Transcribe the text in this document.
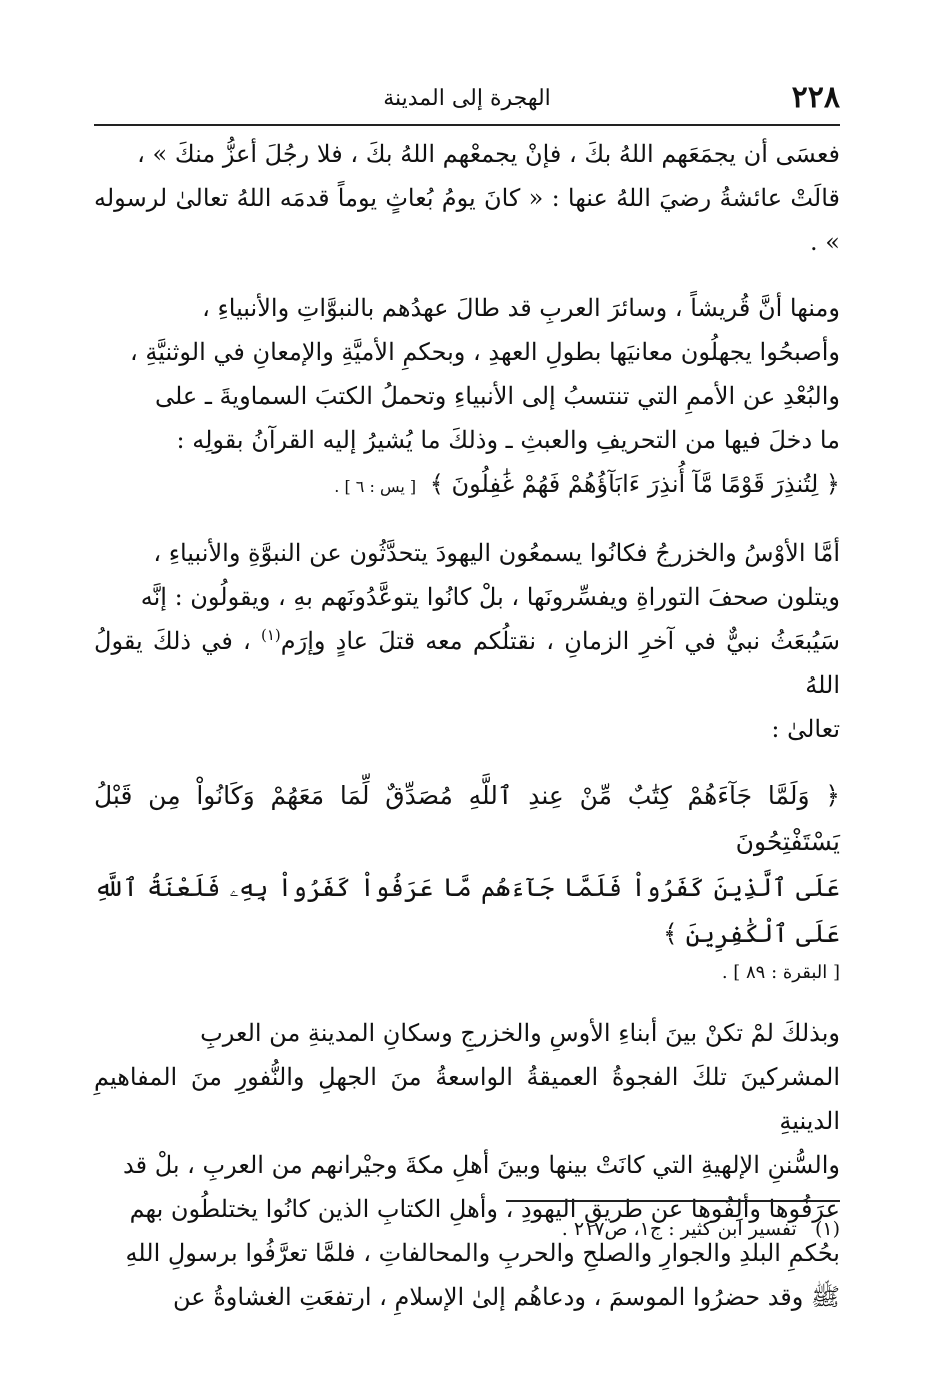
٢٢٨
الهجرة إلى المدينة
فعسَى أن يجمَعَهم اللهُ بكَ ، فإنْ يجمعْهم اللهُ بكَ ، فلا رجُلَ أعزُّ منكَ » ،
قالَتْ عائشةُ رضيَ اللهُ عنها : « كانَ يومُ بُعاثٍ يوماً قدمَه اللهُ تعالىٰ لرسوله » .
ومنها أنَّ قُريشاً ، وسائرَ العربِ قد طالَ عهدُهم بالنبوَّاتِ والأنبياءِ ،
وأصبحُوا يجهلُون معانيَها بطولِ العهدِ ، وبحكمِ الأميَّةِ والإمعانِ في الوثنيَّةِ ،
والبُعْدِ عن الأممِ التي تنتسبُ إلى الأنبياءِ وتحملُ الكتبَ السماويةَ ـ على
ما دخلَ فيها من التحريفِ والعبثِ ـ وذلكَ ما يُشيرُ إليه القرآنُ بقولِه :
﴿ لِتُنذِرَ قَوْمًا مَّآ أُنذِرَ ءَابَآؤُهُمْ فَهُمْ غَٰفِلُونَ ﴾ [ يس : ٦ ] .
أمَّا الأوْسُ والخزرجُ فكانُوا يسمعُون اليهودَ يتحدَّثُون عن النبوَّةِ والأنبياءِ ،
ويتلون صحفَ التوراةِ ويفسِّرونَها ، بلْ كانُوا يتوعَّدُونَهم بهِ ، ويقولُون : إنَّه
سَيُبعَثُ نبيٌّ في آخرِ الزمانِ ، نقتلُكم معه قتلَ عادٍ وإرَم$^{(١)}$ ، في ذلكَ يقولُ اللهُ
تعالىٰ :
﴿ وَلَمَّا جَآءَهُمْ كِتَٰبٌ مِّنْ عِندِ ٱللَّهِ مُصَدِّقٌ لِّمَا مَعَهُمْ وَكَانُواْ مِن قَبْلُ يَسْتَفْتِحُونَ
عَلَى ٱلَّذِينَ كَفَرُواْ فَلَمَّا جَآءَهُم مَّا عَرَفُواْ كَفَرُواْ بِهِۦ فَلَعْنَةُ ٱللَّهِ عَلَى ٱلْكَٰفِرِينَ ﴾
[ البقرة : ٨٩ ] .
وبذلكَ لمْ تكنْ بينَ أبناءِ الأوسِ والخزرجِ وسكانِ المدينةِ من العربِ
المشركينَ تلكَ الفجوةُ العميقةُ الواسعةُ منَ الجهلِ والنُّفورِ منَ المفاهيمِ الدينيةِ
والسُّننِ الإلهيةِ التي كانَتْ بينها وبينَ أهلِ مكةَ وجيْرانهم من العربِ ، بلْ قد
عرَفُوها وألِفُوها عن طريقِ اليهودِ ، وأهلِ الكتابِ الذين كانُوا يختلطُون بهم
بحُكمِ البلدِ والجوارِ والصلحِ والحربِ والمحالفاتِ ، فلمَّا تعرَّفُوا برسولِ اللهِ
ﷺ وقد حضرُوا الموسمَ ، ودعاهُم إلىٰ الإسلامِ ، ارتفعَتِ الغشاوةُ عن
(١)   تفسير ابن كثير : ج١، ص٢١٧ .
